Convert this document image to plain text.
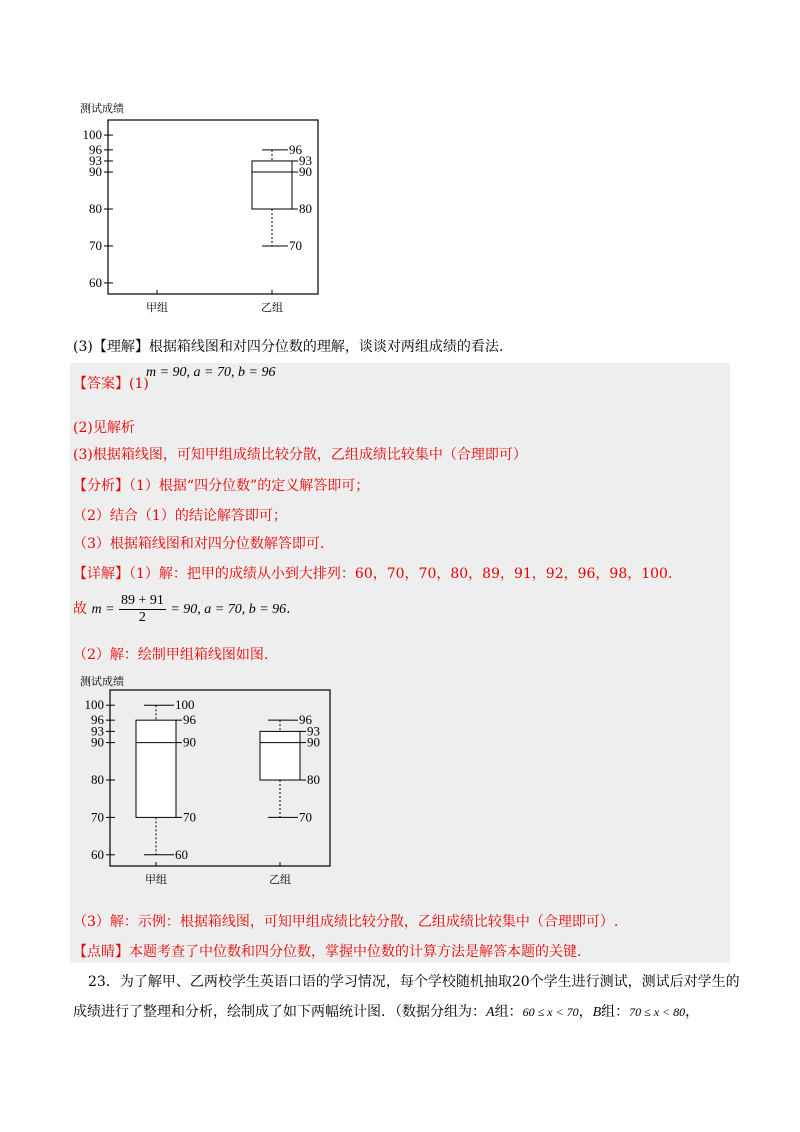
测试成绩
100
96
93
90
80
70
60
甲组	乙组
96
93
90
80
70
(3)【理解】根据箱线图和对四分位数的理解，谈谈对两组成绩的看法.
【答案】(1)
m = 90, a = 70, b = 96
(2)见解析
(3)根据箱线图，可知甲组成绩比较分散，乙组成绩比较集中（合理即可）
【分析】（1）根据“四分位数”的定义解答即可；
（2）结合（1）的结论解答即可；
（3）根据箱线图和对四分位数解答即可.
【详解】（1）解：把甲的成绩从小到大排列：60，70，70，80，89，91，92，96，98，100.
故 $m = \frac{89 + 91}{2} = 90$, a = 70, b = 96.
（2）解：绘制甲组箱线图如图.
测试成绩
100
96
93
90
80
70
60
甲组	乙组
100
96
90
70
60
96
93
90
80
70
（3）解：示例：根据箱线图，可知甲组成绩比较分散，乙组成绩比较集中（合理即可）.
【点睛】本题考查了中位数和四分位数，掌握中位数的计算方法是解答本题的关键.
23．为了解甲、乙两校学生英语口语的学习情况，每个学校随机抽取20个学生进行测试，测试后对学生的
成绩进行了整理和分析，绘制成了如下两幅统计图．（数据分组为：A组：60 ≤ x < 70，B组：70 ≤ x < 80，
